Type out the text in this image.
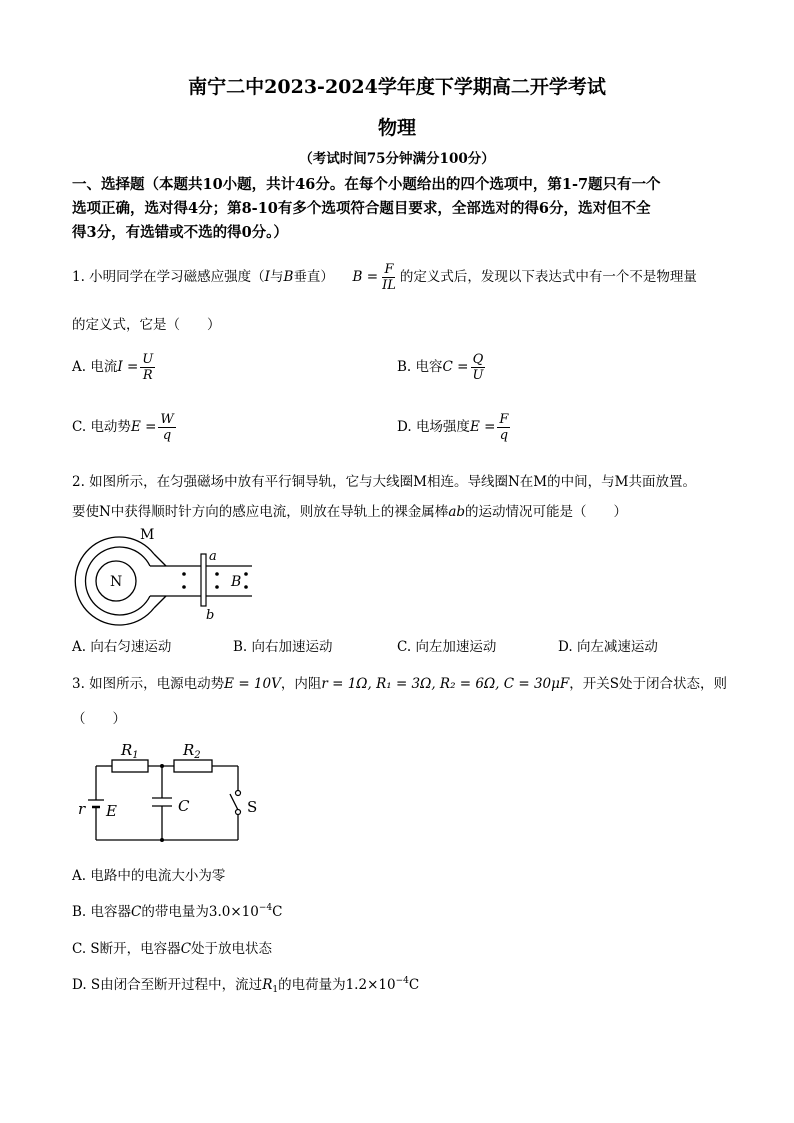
南宁二中2023-2024学年度下学期高二开学考试
物理
（考试时间75分钟满分100分）
一、选择题（本题共10小题，共计46分。在每个小题给出的四个选项中，第1-7题只有一个
选项正确，选对得4分；第8-10有多个选项符合题目要求，全部选对的得6分，选对但不全
得3分，有选错或不选的得0分。）
1. 小明同学在学习磁感应强度（I与B垂直） $B = \frac{F}{IL}$ 的定义式后，发现以下表达式中有一个不是物理量
的定义式，它是（　　）
A. 电流$I = \frac{U}{R}$	B. 电容$C = \frac{Q}{U}$
C. 电动势$E = \frac{W}{q}$	D. 电场强度$E = \frac{F}{q}$
2. 如图所示，在匀强磁场中放有平行铜导轨，它与大线圈M相连。导线圈N在M的中间，与M共面放置。
要使N中获得顺时针方向的感应电流，则放在导轨上的裸金属棒ab的运动情况可能是（　　）
N
M
a
b
B
A. 向右匀速运动	B. 向右加速运动	C. 向左加速运动	D. 向左减速运动
3. 如图所示，电源电动势E = 10V，内阻r = 1Ω, R₁ = 3Ω, R₂ = 6Ω, C = 30μF，开关S处于闭合状态，则
（　　）
$R_1$	$R_2$
r E	C	S
A. 电路中的电流大小为零
B. 电容器C的带电量为$3.0\times 10^{-4}C$
C. S断开，电容器C处于放电状态
D. S由闭合至断开过程中，流过$R_1$的电荷量为$1.2\times 10^{-4}C$
